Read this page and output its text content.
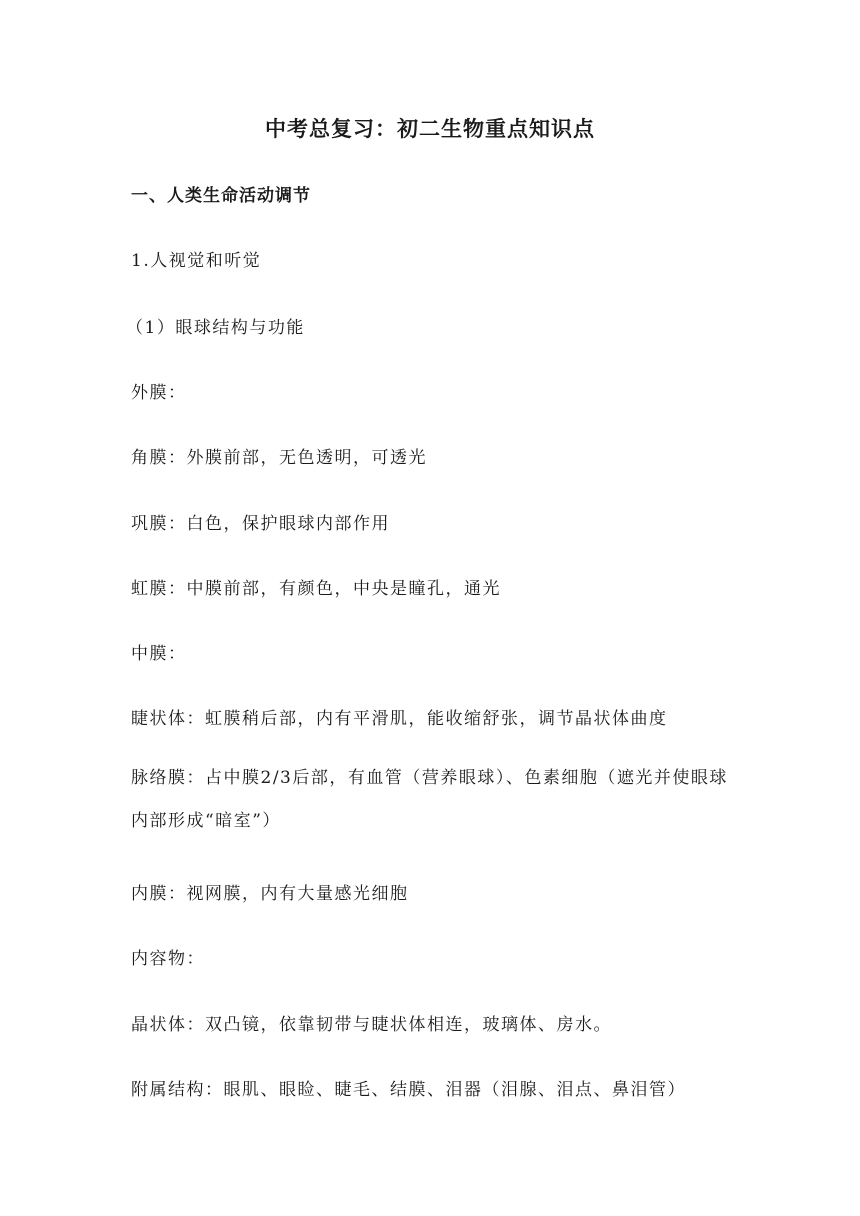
中考总复习：初二生物重点知识点
一、人类生命活动调节

1.人视觉和听觉

（1）眼球结构与功能

外膜：

角膜：外膜前部，无色透明，可透光

巩膜：白色，保护眼球内部作用

虹膜：中膜前部，有颜色，中央是瞳孔，通光

中膜：

睫状体：虹膜稍后部，内有平滑肌，能收缩舒张，调节晶状体曲度

脉络膜：占中膜2/3后部，有血管（营养眼球）、色素细胞（遮光并使眼球内部形成“暗室”）

内膜：视网膜，内有大量感光细胞

内容物：

晶状体：双凸镜，依靠韧带与睫状体相连，玻璃体、房水。

附属结构：眼肌、眼睑、睫毛、结膜、泪器（泪腺、泪点、鼻泪管）
